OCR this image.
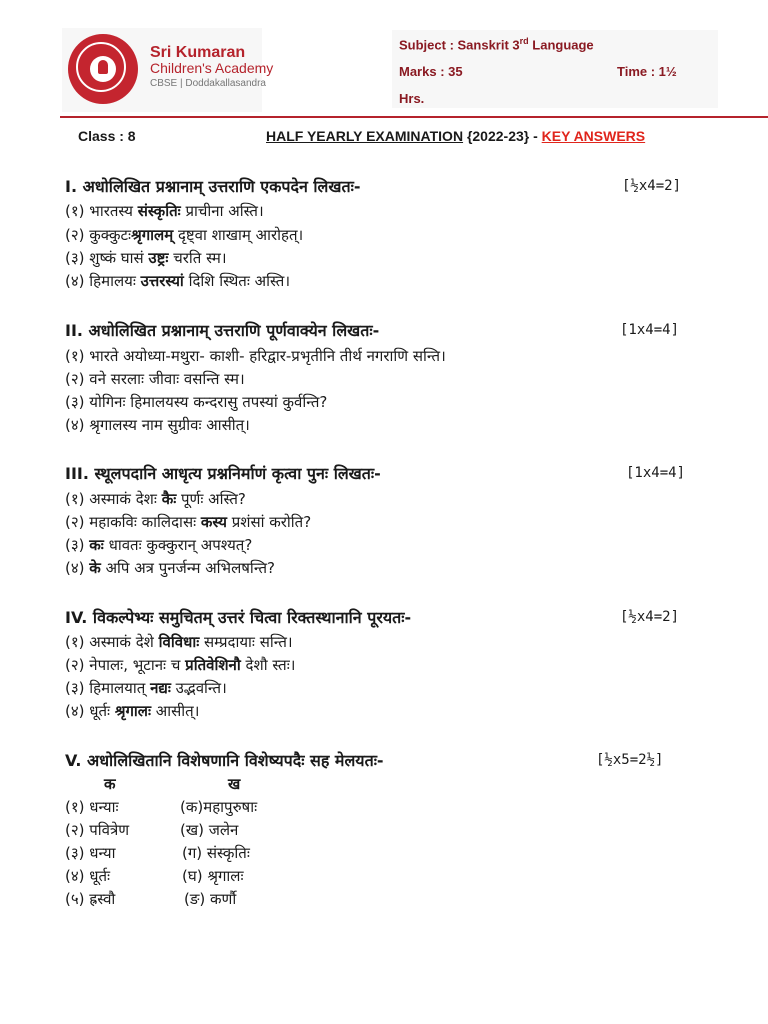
Sri Kumaran
Children's Academy
CBSE | Doddakallasandra
Subject : Sanskrit 3rd Language
Marks : 35	Time : 1½
Hrs.
Class : 8	HALF YEARLY EXAMINATION {2022-23} - KEY ANSWERS
I. अधोलिखित प्रश्नानाम् उत्तराणि एकपदेन लिखतः-	[½x4=2]
(१) भारतस्य संस्कृतिः प्राचीना अस्ति।
(२) कुक्कुटःश्रृगालम् दृष्ट्वा शाखाम् आरोहत्।
(३) शुष्कं घासं उष्ट्रः चरति स्म।
(४) हिमालयः उत्तरस्यां दिशि स्थितः अस्ति।
II. अधोलिखित प्रश्नानाम् उत्तराणि पूर्णवाक्येन लिखतः-	[1x4=4]
(१) भारते अयोध्या-मथुरा- काशी- हरिद्वार-प्रभृतीनि तीर्थ नगराणि सन्ति।
(२) वने सरलाः जीवाः वसन्ति स्म।
(३) योगिनः हिमालयस्य कन्दरासु तपस्यां कुर्वन्ति?
(४) श्रृगालस्य नाम सुग्रीवः आसीत्।
III. स्थूलपदानि आधृत्य प्रश्ननिर्माणं कृत्वा पुनः लिखतः-	[1x4=4]
(१) अस्माकं देशः कैः पूर्णः अस्ति?
(२) महाकविः कालिदासः कस्य प्रशंसां करोति?
(३) कः धावतः कुक्कुरान् अपश्यत्?
(४) के अपि अत्र पुनर्जन्म अभिलषन्ति?
IV. विकल्पेभ्यः समुचितम् उत्तरं चित्वा रिक्तस्थानानि पूरयतः-	[½x4=2]
(१) अस्माकं देशे विविधाः सम्प्रदायाः सन्ति।
(२) नेपालः, भूटानः च प्रतिवेशिनौ देशौ स्तः।
(३) हिमालयात् नद्यः उद्भवन्ति।
(४) धूर्तः श्रृगालः आसीत्।
V. अधोलिखितानि विशेषणानि विशेष्यपदैः सह मेलयतः-	[½x5=2½]
क	ख
(१) धन्याः	(क)महापुरुषाः
(२) पवित्रेण	(ख) जलेन
(३) धन्या	(ग) संस्कृतिः
(४) धूर्तः	(घ) श्रृगालः
(५) ह्रस्वौ	(ङ) कर्णौ
